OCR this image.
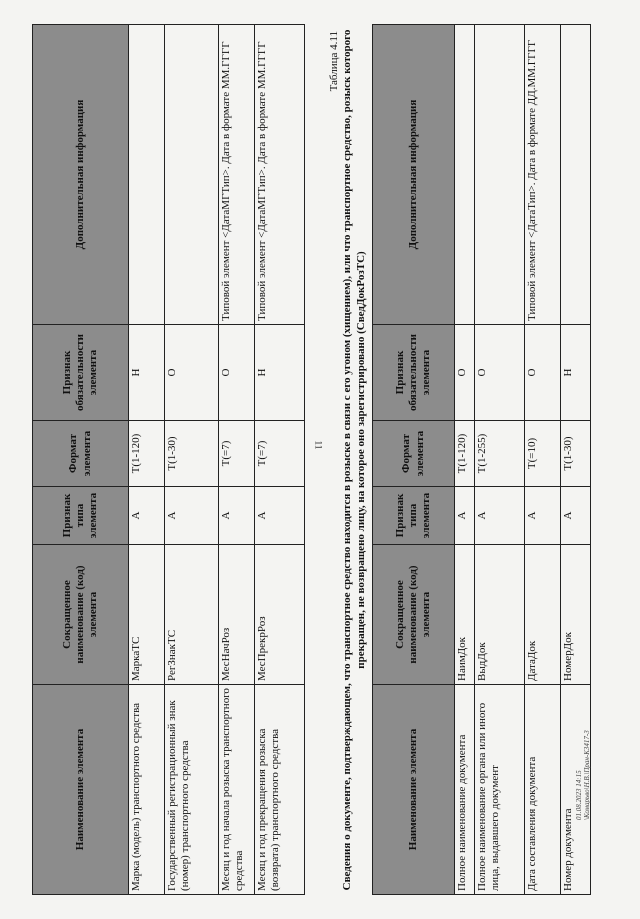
11
Наименование элемента	Сокращенное наименование (код) элемента	Признак типа элемента	Формат элемента	Признак обязательности элемента	Дополнительная информация
Марка (модель) транспортного средства	МаркаТС	А	T(1-120)	Н	
Государственный регистрационный знак (номер) транспортного средства	РегЗнакТС	А	T(1-30)	О	
Месяц и год начала розыска транспортного средства	МесНачРоз	А	T(=7)	О	Типовой элемент <ДатаМГТип>. Дата в формате ММ.ГГГГ
Месяц и год прекращения розыска (возврата) транспортного средства	МесПрекрРоз	А	T(=7)	Н	Типовой элемент <ДатаМГТип>. Дата в формате ММ.ГГГГ	Таблица 4.11 Сведения о документе, подтверждающем, что транспортное средство находится в розыске в связи с его угоном (хищением), или что транспортное средство, розыск которого прекращен, не возвращено лицу, на которое оно зарегистрировано (СведДокРозТС)
Наименование элемента	Сокращенное наименование (код) элемента	Признак типа элемента	Формат элемента	Признак обязательности элемента	Дополнительная информация
Полное наименование документа	НаимДок	А	T(1-120)	О	
Полное наименование органа или иного лица, выдавшего документ	ВыдДок	А	T(1-255)	О	
Дата составления документа	ДатаДок	А	T(=10)	О	Типовой элемент <ДатаТип>. Дата в формате ДД.ММ.ГГГГ
Номер документа	НомерДок	А	T(1-30)	Н	
01.08.2023 14:15 \Комарьво\Н.В.\Пран-К3417-3
